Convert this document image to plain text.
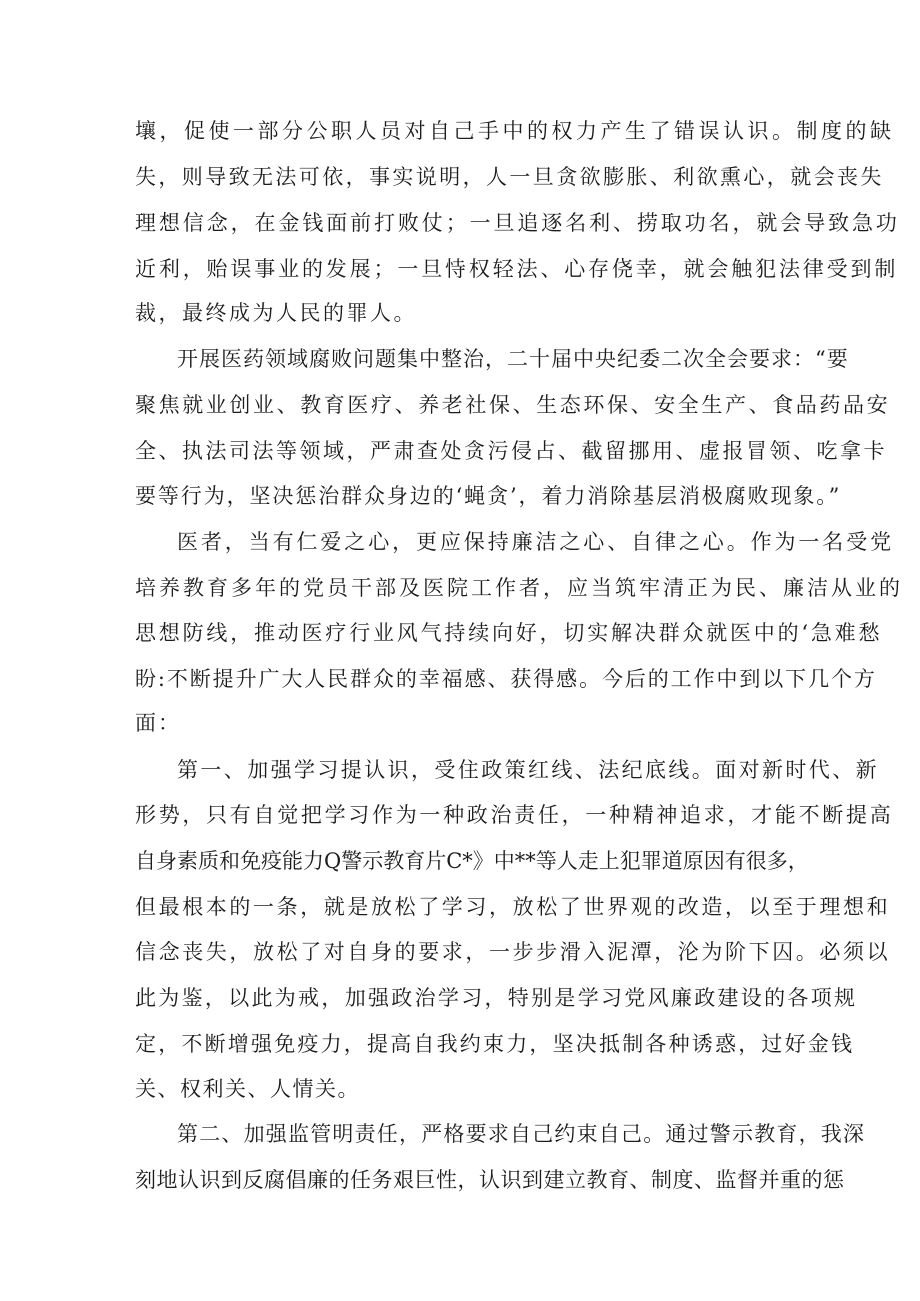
壤，促使一部分公职人员对自己手中的权力产生了错误认识。制度的缺
失，则导致无法可依，事实说明，人一旦贪欲膨胀、利欲熏心，就会丧失
理想信念，在金钱面前打败仗；一旦追逐名利、捞取功名，就会导致急功
近利，贻误事业的发展；一旦恃权轻法、心存侥幸，就会触犯法律受到制
裁，最终成为人民的罪人。
开展医药领域腐败问题集中整治，二十届中央纪委二次全会要求：“要
聚焦就业创业、教育医疗、养老社保、生态环保、安全生产、食品药品安
全、执法司法等领域，严肃查处贪污侵占、截留挪用、虚报冒领、吃拿卡
要等行为，坚决惩治群众身边的‘蝇贪’，着力消除基层消极腐败现象。”
医者，当有仁爱之心，更应保持廉洁之心、自律之心。作为一名受党
培养教育多年的党员干部及医院工作者，应当筑牢清正为民、廉洁从业的
思想防线，推动医疗行业风气持续向好，切实解决群众就医中的‘急难愁
盼:不断提升广大人民群众的幸福感、获得感。今后的工作中到以下几个方
面：
第一、加强学习提认识，受住政策红线、法纪底线。面对新时代、新
形势，只有自觉把学习作为一种政治责任，一种精神追求，才能不断提高
自身素质和免疫能力Q警示教育片C*》中**等人走上犯罪道原因有很多，
但最根本的一条，就是放松了学习，放松了世界观的改造，以至于理想和
信念丧失，放松了对自身的要求，一步步滑入泥潭，沦为阶下囚。必须以
此为鉴，以此为戒，加强政治学习，特别是学习党风廉政建设的各项规
定，不断增强免疫力，提高自我约束力，坚决抵制各种诱惑，过好金钱
关、权利关、人情关。
第二、加强监管明责任，严格要求自己约束自己。通过警示教育，我深
刻地认识到反腐倡廉的任务艰巨性，认识到建立教育、制度、监督并重的惩
